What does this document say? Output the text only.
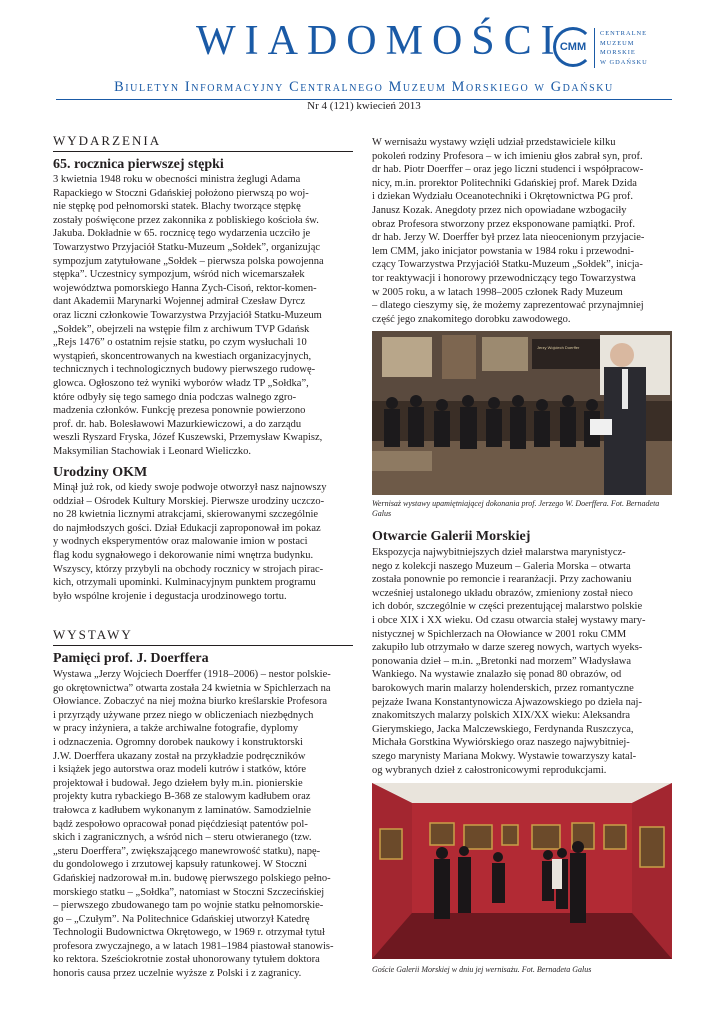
WIADOMOŚCI
CMM
CENTRALNE
MUZEUM
MORSKIE
W GDAŃSKU
Biuletyn Informacyjny Centralnego Muzeum Morskiego w Gdańsku
Nr 4 (121) kwiecień 2013
WYDARZENIA
65. rocznica pierwszej stępki
3 kwietnia 1948 roku w obecności ministra żeglugi Adama
Rapackiego w Stoczni Gdańskiej położono pierwszą po woj-
nie stępkę pod pełnomorski statek. Blachy tworzące stępkę
zostały poświęcone przez zakonnika z pobliskiego kościoła św.
Jakuba. Dokładnie w 65. rocznicę tego wydarzenia uczciło je
Towarzystwo Przyjaciół Statku-Muzeum „Sołdek”, organizując
sympozjum zatytułowane „Sołdek – pierwsza polska powojenna
stępka”. Uczestnicy sympozjum, wśród nich wicemarszałek
województwa pomorskiego Hanna Zych-Cisoń, rektor-komen-
dant Akademii Marynarki Wojennej admirał Czesław Dyrcz
oraz liczni członkowie Towarzystwa Przyjaciół Statku-Muzeum
„Sołdek”, obejrzeli na wstępie film z archiwum TVP Gdańsk
„Rejs 1476” o ostatnim rejsie statku, po czym wysłuchali 10
wystąpień, skoncentrowanych na kwestiach organizacyjnych,
technicznych i technologicznych budowy pierwszego rudowę-
glowca. Ogłoszono też wyniki wyborów władz TP „Sołdka”,
które odbyły się tego samego dnia podczas walnego zgro-
madzenia członków. Funkcję prezesa ponownie powierzono
prof. dr. hab. Bolesławowi Mazurkiewiczowi, a do zarządu
weszli Ryszard Fryska, Józef Kuszewski, Przemysław Kwapisz,
Maksymilian Stachowiak i Leonard Wieliczko.
Urodziny OKM
Minął już rok, od kiedy swoje podwoje otworzył nasz najnowszy
oddział – Ośrodek Kultury Morskiej. Pierwsze urodziny uczczo-
no 28 kwietnia licznymi atrakcjami, skierowanymi szczególnie
do najmłodszych gości. Dział Edukacji zaproponował im pokaz
y wodnych eksperymentów oraz malowanie imion w postaci
flag kodu sygnałowego i dekorowanie nimi wnętrza budynku.
Wszyscy, którzy przybyli na obchody rocznicy w strojach pirac-
kich, otrzymali upominki. Kulminacyjnym punktem programu
było wspólne krojenie i degustacja urodzinowego tortu.
WYSTAWY
Pamięci prof. J. Doerffera
Wystawa „Jerzy Wojciech Doerffer (1918–2006) – nestor polskie-
go okrętownictwa” otwarta została 24 kwietnia w Spichlerzach na
Ołowiance. Zobaczyć na niej można biurko kreślarskie Profesora
i przyrządy używane przez niego w obliczeniach niezbędnych
w pracy inżyniera, a także archiwalne fotografie, dyplomy
i odznaczenia. Ogromny dorobek naukowy i konstruktorski
J.W. Doerffera ukazany został na przykładzie podręczników
i książek jego autorstwa oraz modeli kutrów i statków, które
projektował i budował. Jego dziełem były m.in. pionierskie
projekty kutra rybackiego B-368 ze stalowym kadłubem oraz
trałowca z kadłubem wykonanym z laminatów. Samodzielnie
bądź zespołowo opracował ponad pięćdziesiąt patentów pol-
skich i zagranicznych, a wśród nich – steru otwieranego (tzw.
„steru Doerffera”, zwiększającego manewrowość statku), napę-
du gondolowego i zrzutowej kapsuły ratunkowej. W Stoczni
Gdańskiej nadzorował m.in. budowę pierwszego polskiego pełno-
morskiego statku – „Sołdka”, natomiast w Stoczni Szczecińskiej
– pierwszego zbudowanego tam po wojnie statku pełnomorskie-
go – „Czułym”. Na Politechnice Gdańskiej utworzył Katedrę
Technologii Budownictwa Okrętowego, w 1969 r. otrzymał tytuł
profesora zwyczajnego, a w latach 1981–1984 piastował stanowis-
ko rektora. Sześciokrotnie został uhonorowany tytułem doktora
honoris causa przez uczelnie wyższe z Polski i z zagranicy.
W wernisażu wystawy wzięli udział przedstawiciele kilku
pokoleń rodziny Profesora – w ich imieniu głos zabrał syn, prof.
dr hab. Piotr Doerffer – oraz jego liczni studenci i współpracow-
nicy, m.in. prorektor Politechniki Gdańskiej prof. Marek Dzida
i dziekan Wydziału Oceanotechniki i Okrętownictwa PG prof.
Janusz Kozak. Anegdoty przez nich opowiadane wzbogaciły
obraz Profesora stworzony przez eksponowane pamiątki. Prof.
dr hab. Jerzy W. Doerffer był przez lata nieocenionym przyjacie-
lem CMM, jako inicjator powstania w 1984 roku i przewodni-
czący Towarzystwa Przyjaciół Statku-Muzeum „Sołdek”, inicja-
tor reaktywacji i honorowy przewodniczący tego Towarzystwa
w 2005 roku, a w latach 1998–2005 członek Rady Muzeum
– dlatego cieszymy się, że możemy zaprezentować przynajmniej
część jego znakomitego dorobku zawodowego.
Jerzy Wojciech Doerffer
Wernisaż wystawy upamiętniającej dokonania prof. Jerzego W. Doerffera. Fot. Bernadeta
Galus
Otwarcie Galerii Morskiej
Ekspozycja najwybitniejszych dzieł malarstwa marynistycz-
nego z kolekcji naszego Muzeum – Galeria Morska – otwarta
została ponownie po remoncie i rearanżacji. Przy zachowaniu
wcześniej ustalonego układu obrazów, zmieniony został nieco
ich dobór, szczególnie w części prezentującej malarstwo polskie
i obce XIX i XX wieku. Od czasu otwarcia stałej wystawy mary-
nistycznej w Spichlerzach na Ołowiance w 2001 roku CMM
zakupiło lub otrzymało w darze szereg nowych, wartych wyeks-
ponowania dzieł – m.in. „Bretonki nad morzem” Władysława
Wankiego. Na wystawie znalazło się ponad 80 obrazów, od
barokowych marin malarzy holenderskich, przez romantyczne
pejzaże Iwana Konstantynowicza Ajwazowskiego po dzieła naj-
znakomitszych malarzy polskich XIX/XX wieku: Aleksandra
Gierymskiego, Jacka Malczewskiego, Ferdynanda Ruszczyca,
Michała Gorstkina Wywiórskiego oraz naszego najwybitniej-
szego marynisty Mariana Mokwy. Wystawie towarzyszy katal-
og wybranych dzieł z całostronicowymi reprodukcjami.
Goście Galerii Morskiej w dniu jej wernisażu. Fot. Bernadeta Galus
